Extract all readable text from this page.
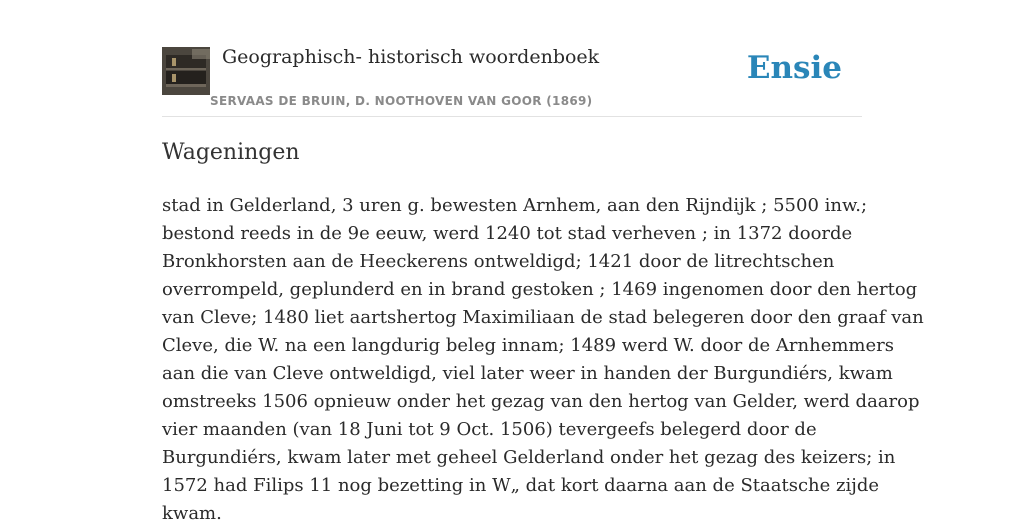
Geographisch- historisch woordenboek
SERVAAS DE BRUIN, D. NOOTHOVEN VAN GOOR (1869)
Ensie
Wageningen
stad in Gelderland, 3 uren g. bewesten Arnhem, aan den Rijndijk ; 5500 inw.;
bestond reeds in de 9e eeuw, werd 1240 tot stad verheven ; in 1372 doorde
Bronkhorsten aan de Heeckerens ontweldigd; 1421 door de litrechtschen
overrompeld, geplunderd en in brand gestoken ; 1469 ingenomen door den hertog
van Cleve; 1480 liet aartshertog Maximiliaan de stad belegeren door den graaf van
Cleve, die W. na een langdurig beleg innam; 1489 werd W. door de Arnhemmers
aan die van Cleve ontweldigd, viel later weer in handen der Burgundiérs, kwam
omstreeks 1506 opnieuw onder het gezag van den hertog van Gelder, werd daarop
vier maanden (van 18 Juni tot 9 Oct. 1506) tevergeefs belegerd door de
Burgundiérs, kwam later met geheel Gelderland onder het gezag des keizers; in
1572 had Filips 11 nog bezetting in W„ dat kort daarna aan de Staatsche zijde
kwam.
